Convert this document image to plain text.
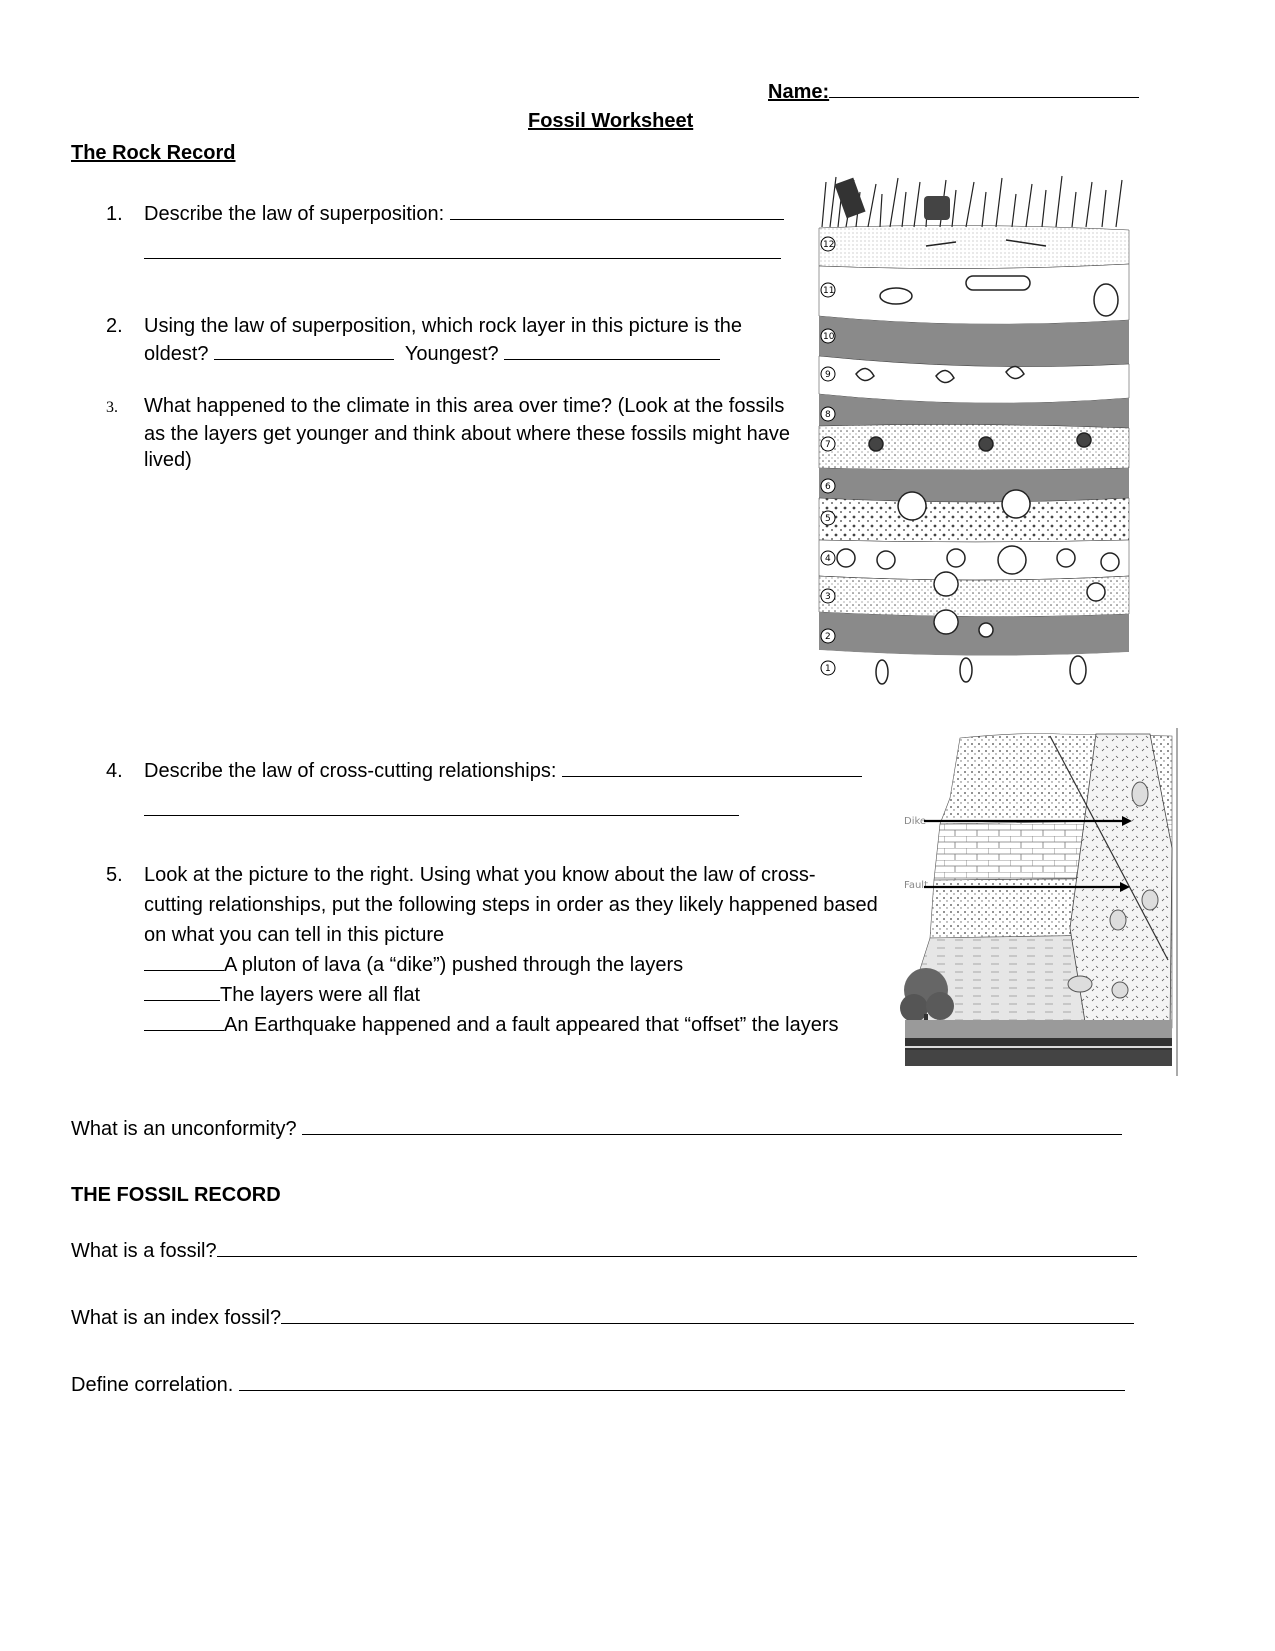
Name:
Fossil Worksheet
The Rock Record
1. Describe the law of superposition:
2. Using the law of superposition, which rock layer in this picture is the
oldest?	Youngest?
3. What happened to the climate in this area over time? (Look at the fossils
as the layers get younger and think about where these fossils might have
lived)
12
11
10
9
8
7
6
5
4
3
2
1
4. Describe the law of cross-cutting relationships:
5. Look at the picture to the right. Using what you know about the law of cross-
cutting relationships, put the following steps in order as they likely happened based
on what you can tell in this picture
A pluton of lava (a “dike”) pushed through the layers
The layers were all flat
An Earthquake happened and a fault appeared that “offset” the layers
Dike
Fault
What is an unconformity?
THE FOSSIL RECORD
What is a fossil?
What is an index fossil?
Define correlation.
